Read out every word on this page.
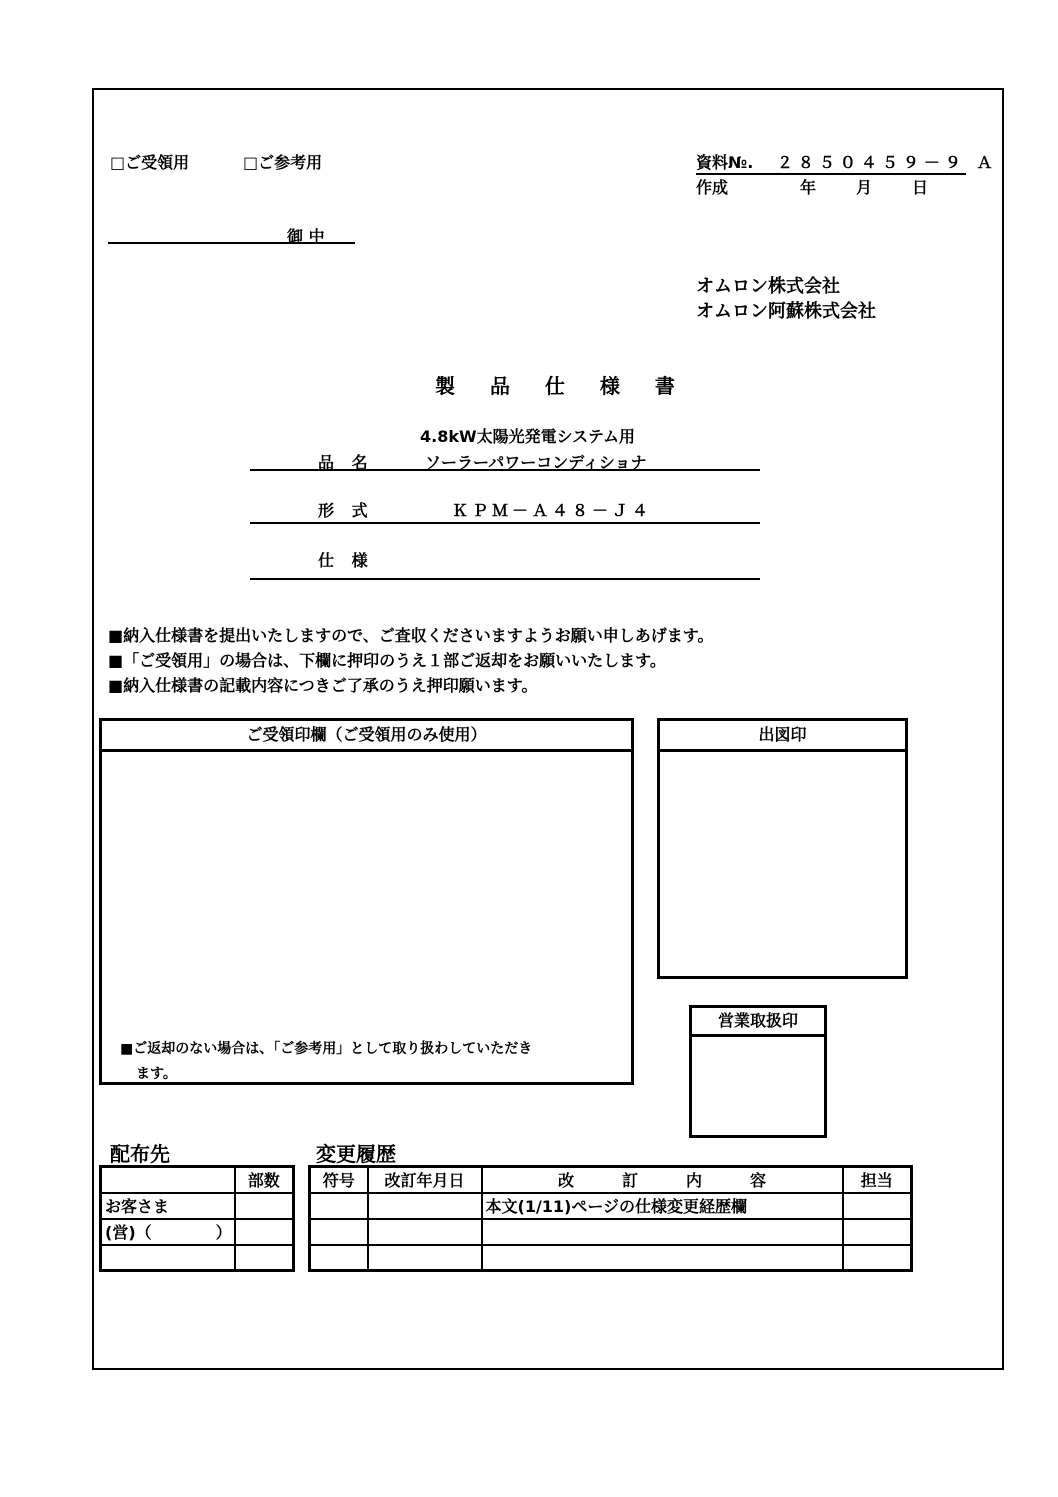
□ご受領用	□ご参考用	資料№. ２８５０４５９－９ Ａ
作成	年 月 日
御 中
オムロン株式会社
オムロン阿蘇株式会社
製 品 仕 様 書
4.8kW太陽光発電システム用
品 名	ソーラーパワーコンディショナ
形 式	ＫＰＭ－Ａ４８－Ｊ４
仕 様
■納入仕様書を提出いたしますので、ご査収くださいますようお願い申しあげます。
■「ご受領用」の場合は、下欄に押印のうえ１部ご返却をお願いいたします。
■納入仕様書の記載内容につきご了承のうえ押印願います。
ご受領印欄（ご受領用のみ使用）
■ご返却のない場合は、「ご参考用」として取り扱わしていただき
ます。
出図印
営業取扱印
配布先
	部数
お客さま	
(営)（　　　　）	

変更履歴
符号	改訂年月日	改　　　訂　　　内　　　容	担当
		本文(1/11)ページの仕様変更経歴欄	
